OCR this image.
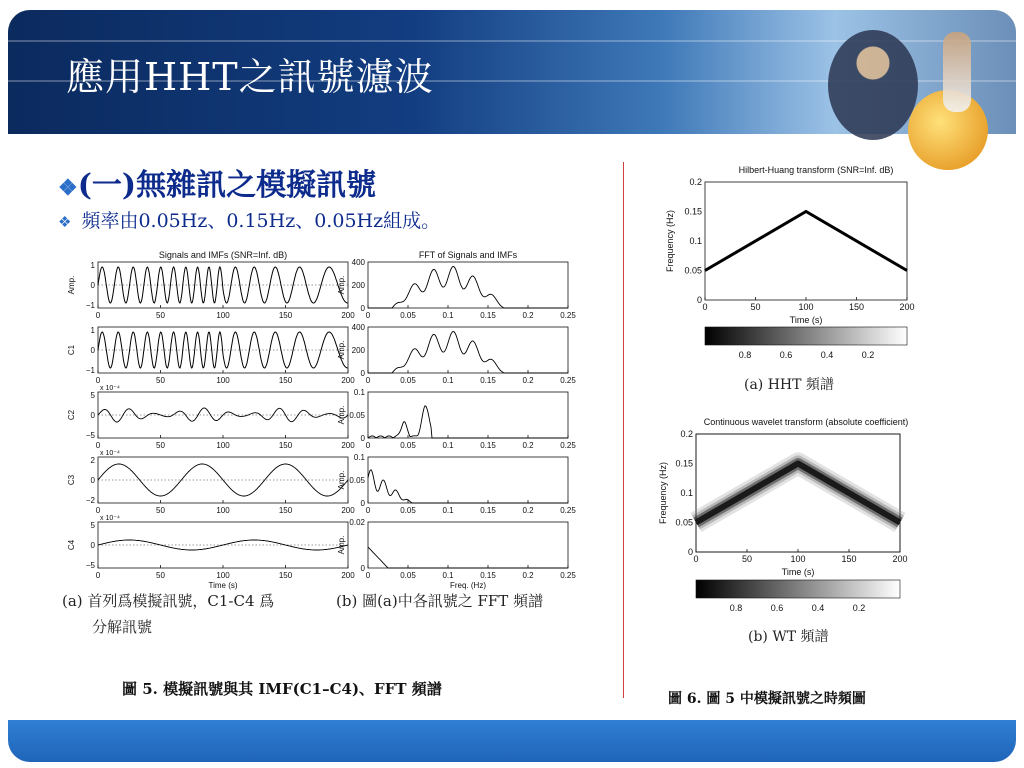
應用HHT之訊號濾波
❖(一)無雜訊之模擬訊號
❖ 頻率由0.05Hz、0.15Hz、0.05Hz組成。
Signals and IMFs (SNR=Inf. dB)	FFT of Signals and IMFs
1
0
−1
Amp.
0	50	100	150	200
1
0
−1
C1
0	50	100	150	200
5
0
−5
C2
x 10⁻⁴
0	50	100	150	200
2
0
−2
C3
x 10⁻⁴
0	50	100	150	200
5
0
−5
C4
x 10⁻⁴
0	50	100	150	200
Time (s)
400
200
0
Amp.
0	0.05	0.1	0.15	0.2	0.25
400
200
0
Amp.
0	0.05	0.1	0.15	0.2	0.25
0.1
0.05
0
Amp.
0	0.05	0.1	0.15	0.2	0.25
0.1
0.05
0
Amp.
0	0.05	0.1	0.15	0.2	0.25
0.02
0
Amp.
0	0.05	0.1	0.15	0.2	0.25
Freq. (Hz)
(a) 首列爲模擬訊號，C1-C4 爲
分解訊號
(b) 圖(a)中各訊號之 FFT 頻譜
圖 5. 模擬訊號與其 IMF(C1–C4)、FFT 頻譜
Hilbert-Huang transform (SNR=Inf. dB)
0.2
0.15
0.1
0.05
0
0	50	100	150	200
Time (s)
Frequency (Hz)
0.8	0.6	0.4	0.2
(a) HHT 頻譜
Continuous wavelet transform (absolute coefficient)
0.2
0.15
0.1
0.05
0
0	50	100	150	200
Time (s)
Frequency (Hz)
0.8	0.6	0.4	0.2
(b) WT 頻譜
圖 6. 圖 5 中模擬訊號之時頻圖
